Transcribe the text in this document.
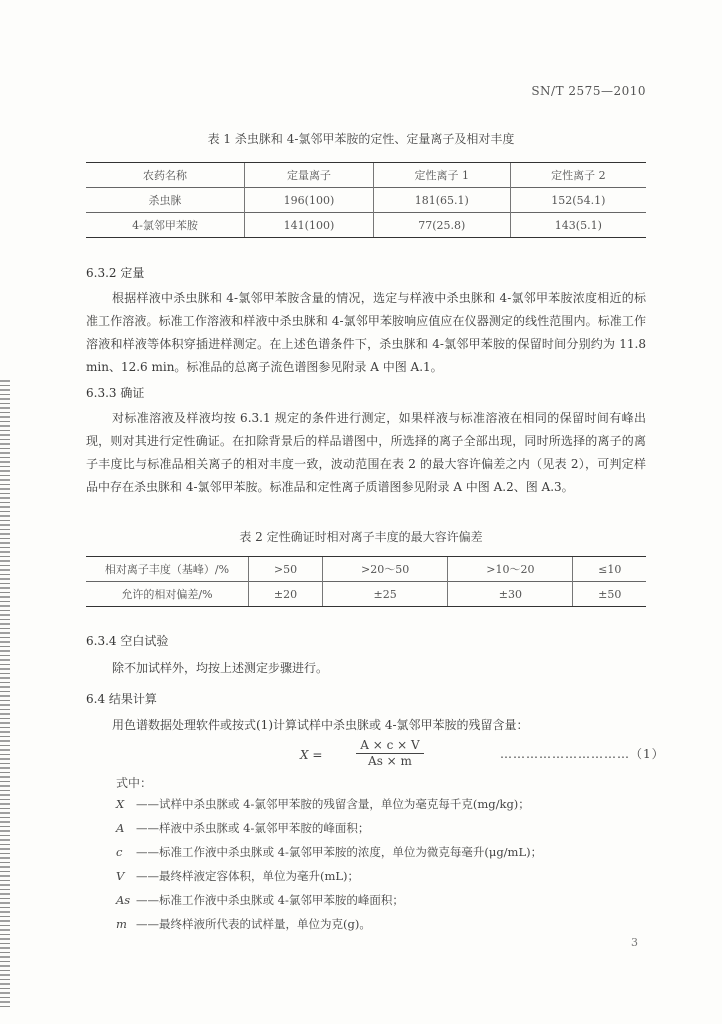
SN/T 2575—2010
表 1 杀虫脒和 4-氯邻甲苯胺的定性、定量离子及相对丰度
农药名称	定量离子	定性离子 1	定性离子 2
杀虫脒	196(100)	181(65.1)	152(54.1)
4-氯邻甲苯胺	141(100)	77(25.8)	143(5.1)
6.3.2 定量
根据样液中杀虫脒和 4-氯邻甲苯胺含量的情况，选定与样液中杀虫脒和 4-氯邻甲苯胺浓度相近的标准工作溶液。标准工作溶液和样液中杀虫脒和 4-氯邻甲苯胺响应值应在仪器测定的线性范围内。标准工作溶液和样液等体积穿插进样测定。在上述色谱条件下，杀虫脒和 4-氯邻甲苯胺的保留时间分别约为 11.8 min、12.6 min。标准品的总离子流色谱图参见附录 A 中图 A.1。
6.3.3 确证
对标准溶液及样液均按 6.3.1 规定的条件进行测定，如果样液与标准溶液在相同的保留时间有峰出现，则对其进行定性确证。在扣除背景后的样品谱图中，所选择的离子全部出现，同时所选择的离子的离子丰度比与标准品相关离子的相对丰度一致，波动范围在表 2 的最大容许偏差之内（见表 2），可判定样品中存在杀虫脒和 4-氯邻甲苯胺。标准品和定性离子质谱图参见附录 A 中图 A.2、图 A.3。
表 2 定性确证时相对离子丰度的最大容许偏差
相对离子丰度（基峰）/%	>50	>20～50	>10～20	≤10
允许的相对偏差/%	±20	±25	±30	±50
6.3.4 空白试验
除不加试样外，均按上述测定步骤进行。
6.4 结果计算
用色谱数据处理软件或按式(1)计算试样中杀虫脒或 4-氯邻甲苯胺的残留含量：
$X = \frac{A \times c \times V}{As \times m}$	…………………………（1）
式中：
X ——试样中杀虫脒或 4-氯邻甲苯胺的残留含量，单位为毫克每千克(mg/kg)；
A ——样液中杀虫脒或 4-氯邻甲苯胺的峰面积；
c ——标准工作液中杀虫脒或 4-氯邻甲苯胺的浓度，单位为微克每毫升(μg/mL)；
V ——最终样液定容体积，单位为毫升(mL)；
As ——标准工作液中杀虫脒或 4-氯邻甲苯胺的峰面积；
m ——最终样液所代表的试样量，单位为克(g)。
3
